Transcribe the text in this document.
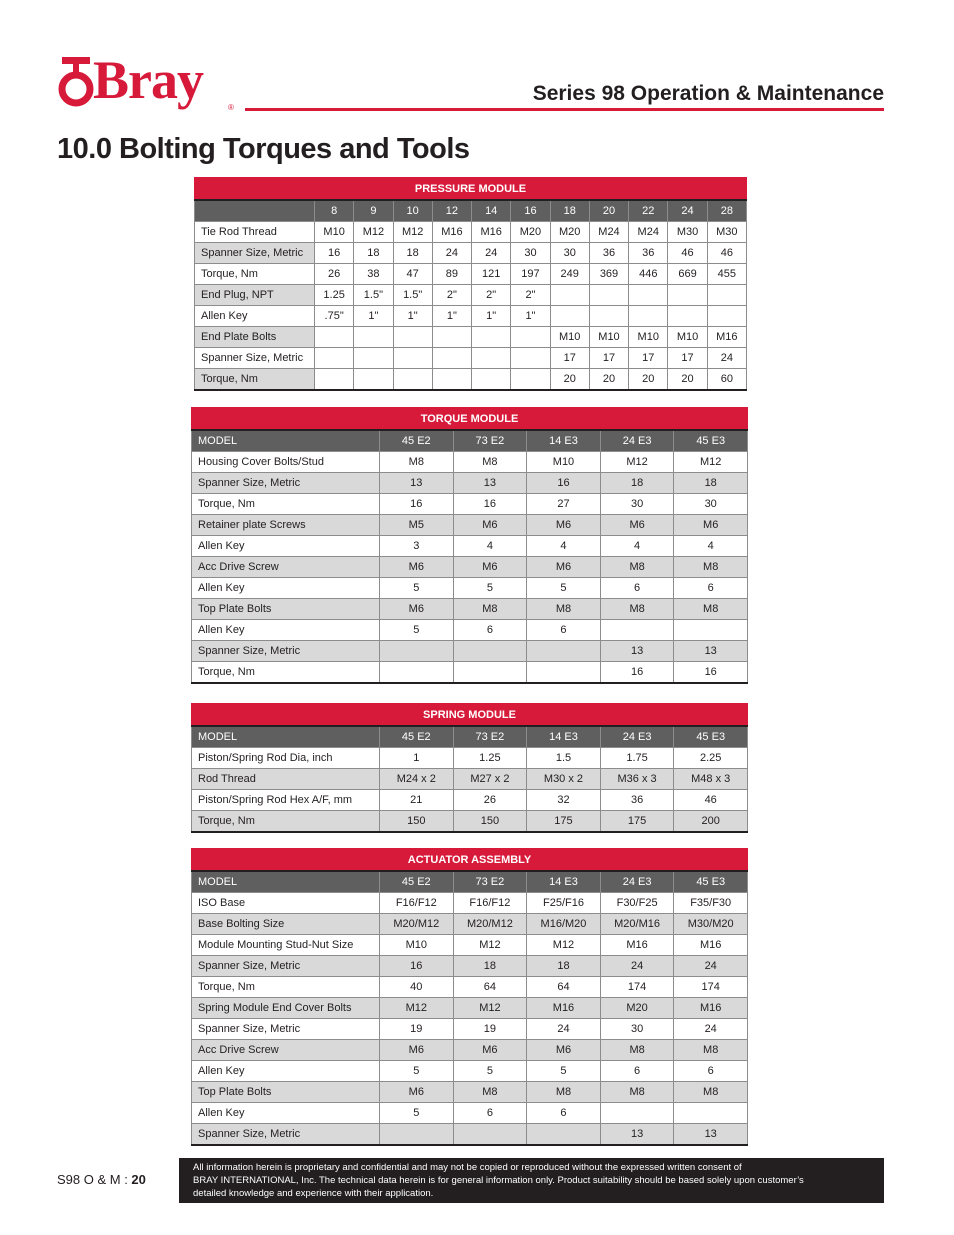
Bray	®
Series 98 Operation & Maintenance
10.0 Bolting Torques and Tools
PRESSURE MODULE											
	8	9	10	12	14	16	18	20	22	24	28
Tie Rod Thread	M10	M12	M12	M16	M16	M20	M20	M24	M24	M30	M30
Spanner Size, Metric	16	18	18	24	24	30	30	36	36	46	46
Torque, Nm	26	38	47	89	121	197	249	369	446	669	455
End Plug, NPT	1.25	1.5"	1.5"	2"	2"	2"					
Allen Key	.75"	1"	1"	1"	1"	1"					
End Plate Bolts							M10	M10	M10	M10	M16
Spanner Size, Metric							17	17	17	17	24
Torque, Nm							20	20	20	20	60
TORQUE MODULE					
MODEL	45 E2	73 E2	14 E3	24 E3	45 E3
Housing Cover Bolts/Stud	M8	M8	M10	M12	M12
Spanner Size, Metric	13	13	16	18	18
Torque, Nm	16	16	27	30	30
Retainer plate Screws	M5	M6	M6	M6	M6
Allen Key	3	4	4	4	4
Acc Drive Screw	M6	M6	M6	M8	M8
Allen Key	5	5	5	6	6
Top Plate Bolts	M6	M8	M8	M8	M8
Allen Key	5	6	6		
Spanner Size, Metric				13	13
Torque, Nm				16	16
SPRING MODULE					
MODEL	45 E2	73 E2	14 E3	24 E3	45 E3
Piston/Spring Rod Dia, inch	1	1.25	1.5	1.75	2.25
Rod Thread	M24 x 2	M27 x 2	M30 x 2	M36 x 3	M48 x 3
Piston/Spring Rod Hex A/F, mm	21	26	32	36	46
Torque, Nm	150	150	175	175	200
ACTUATOR ASSEMBLY					
MODEL	45 E2	73 E2	14 E3	24 E3	45 E3
ISO Base	F16/F12	F16/F12	F25/F16	F30/F25	F35/F30
Base Bolting Size	M20/M12	M20/M12	M16/M20	M20/M16	M30/M20
Module Mounting Stud-Nut Size	M10	M12	M12	M16	M16
Spanner Size, Metric	16	18	18	24	24
Torque, Nm	40	64	64	174	174
Spring Module End Cover Bolts	M12	M12	M16	M20	M16
Spanner Size, Metric	19	19	24	30	24
Acc Drive Screw	M6	M6	M6	M8	M8
Allen Key	5	5	5	6	6
Top Plate Bolts	M6	M8	M8	M8	M8
Allen Key	5	6	6		
Spanner Size, Metric				13	13
S98 O & M : 20
All information herein is proprietary and confidential and may not be copied or reproduced without the expressed written consent of
BRAY INTERNATIONAL, Inc. The technical data herein is for general information only. Product suitability should be based solely upon customer’s
detailed knowledge and experience with their application.
